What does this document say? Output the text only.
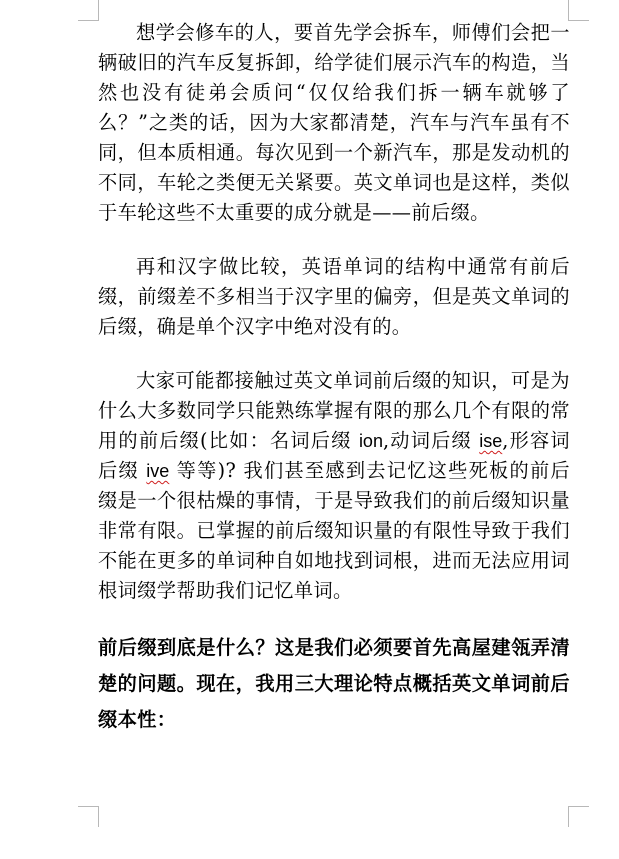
想学会修车的人，要首先学会拆车，师傅们会把一辆破旧的汽车反复拆卸，给学徒们展示汽车的构造，当然也没有徒弟会质问“仅仅给我们拆一辆车就够了么？”之类的话，因为大家都清楚，汽车与汽车虽有不同，但本质相通。每次见到一个新汽车，那是发动机的不同，车轮之类便无关紧要。英文单词也是这样，类似于车轮这些不太重要的成分就是——前后缀。

再和汉字做比较，英语单词的结构中通常有前后缀，前缀差不多相当于汉字里的偏旁，但是英文单词的后缀，确是单个汉字中绝对没有的。

大家可能都接触过英文单词前后缀的知识，可是为什么大多数同学只能熟练掌握有限的那么几个有限的常用的前后缀(比如：名词后缀 ion,动词后缀 ise,形容词后缀 ive 等等)? 我们甚至感到去记忆这些死板的前后缀是一个很枯燥的事情，于是导致我们的前后缀知识量非常有限。已掌握的前后缀知识量的有限性导致于我们不能在更多的单词种自如地找到词根，进而无法应用词根词缀学帮助我们记忆单词。

前后缀到底是什么？这是我们必须要首先高屋建瓴弄清楚的问题。现在，我用三大理论特点概括英文单词前后缀本性：
